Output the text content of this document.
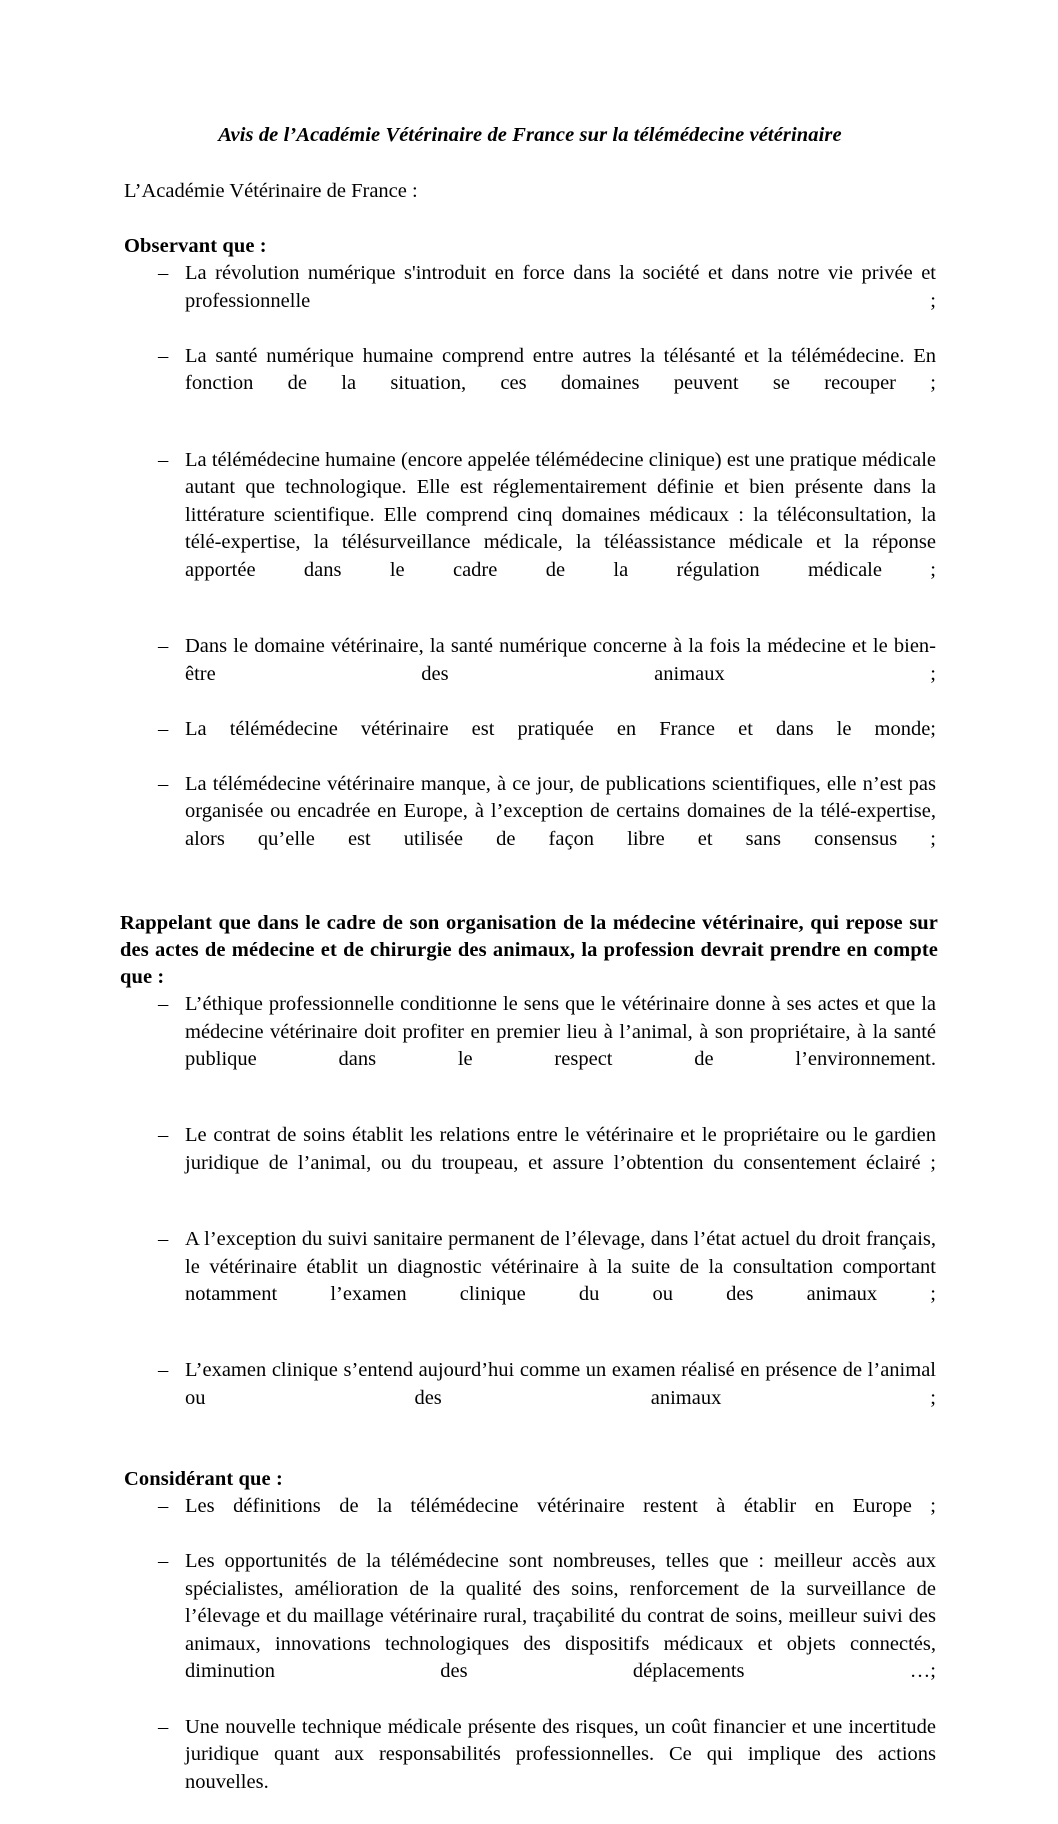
Avis de l’Académie Vétérinaire de France sur la télémédecine vétérinaire

L’Académie Vétérinaire de France :

Observant que :
– La révolution numérique s'introduit en force dans la société et dans notre vie privée et professionnelle ;
– La santé numérique humaine comprend entre autres la télésanté et la télémédecine. En fonction de la situation, ces domaines peuvent se recouper ;
– La télémédecine humaine (encore appelée télémédecine clinique) est une pratique médicale autant que technologique. Elle est réglementairement définie et bien présente dans la littérature scientifique. Elle comprend cinq domaines médicaux : la téléconsultation, la télé-expertise, la télésurveillance médicale, la téléassistance médicale et la réponse apportée dans le cadre de la régulation médicale ;
– Dans le domaine vétérinaire, la santé numérique concerne à la fois la médecine et le bien-être des animaux ;
– La télémédecine vétérinaire est pratiquée en France et dans le monde;
– La télémédecine vétérinaire manque, à ce jour, de publications scientifiques, elle n’est pas organisée ou encadrée en Europe, à l’exception de certains domaines de la télé-expertise, alors qu’elle est utilisée de façon libre et sans consensus ;
Rappelant que dans le cadre de son organisation de la médecine vétérinaire, qui repose sur des actes de médecine et de chirurgie des animaux, la profession devrait prendre en compte que :
– L’éthique professionnelle conditionne le sens que le vétérinaire donne à ses actes et que la médecine vétérinaire doit profiter en premier lieu à l’animal, à son propriétaire, à la santé publique dans le respect de l’environnement.
– Le contrat de soins établit les relations entre le vétérinaire et le propriétaire ou le gardien juridique de l’animal, ou du troupeau, et assure l’obtention du consentement éclairé ;
– A l’exception du suivi sanitaire permanent de l’élevage, dans l’état actuel du droit français, le vétérinaire établit un diagnostic vétérinaire à la suite de la consultation comportant notamment l’examen clinique du ou des animaux ;
– L’examen clinique s’entend aujourd’hui comme un examen réalisé en présence de l’animal ou des animaux ;
Considérant que :
– Les définitions de la télémédecine vétérinaire restent à établir en Europe ;
– Les opportunités de la télémédecine sont nombreuses, telles que : meilleur accès aux spécialistes, amélioration de la qualité des soins, renforcement de la surveillance de l’élevage et du maillage vétérinaire rural, traçabilité du contrat de soins, meilleur suivi des animaux, innovations technologiques des dispositifs médicaux et objets connectés, diminution des déplacements …;
– Une nouvelle technique médicale présente des risques, un coût financier et une incertitude juridique quant aux responsabilités professionnelles. Ce qui implique des actions nouvelles.
